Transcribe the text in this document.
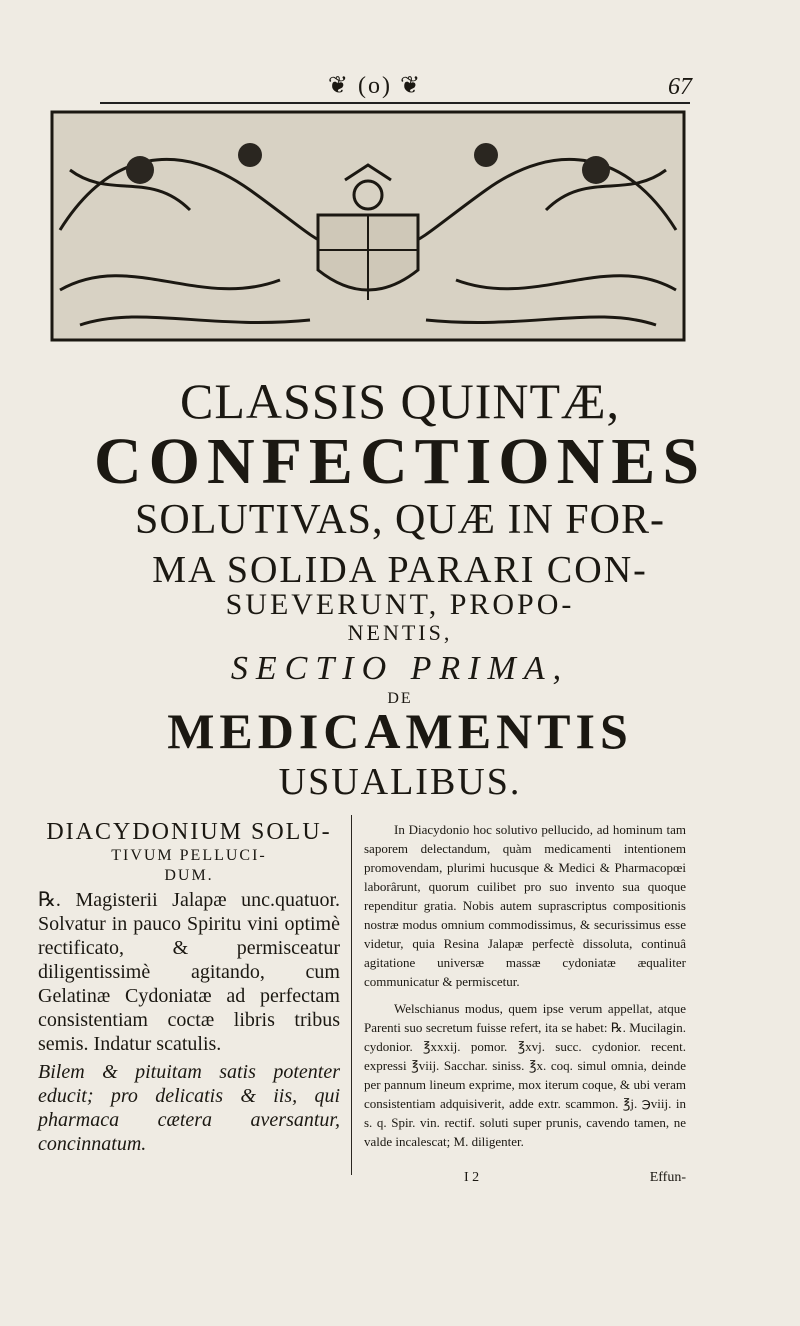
❦ (o) ❦	67
CLASSIS QUINTÆ,
CONFECTIONES
SOLUTIVAS, QUÆ IN FOR-
MA SOLIDA PARARI CON-
SUEVERUNT, PROPO-
NENTIS,
SECTIO PRIMA,
DE
MEDICAMENTIS
USUALIBUS.
DIACYDONIUM SOLU-
TIVUM PELLUCI-
DUM.
℞. Magisterii Jalapæ unc.quatuor. Solvatur in pauco Spiritu vini optimè rectificato, & permisceatur diligentissimè agitando, cum Gelatinæ Cydoniatæ ad perfectam consistentiam coctæ libris tribus semis. Indatur scatulis.
Bilem & pituitam satis potenter educit; pro delicatis & iis, qui pharmaca cætera aversantur, concinnatum.

In Diacydonio hoc solutivo pellucido, ad hominum tam saporem delectandum, quàm medicamenti intentionem promovendam, plurimi hucusque & Medici & Pharmacopœi laborârunt, quorum cuilibet pro suo invento sua quoque rependitur gratia. Nobis autem suprascriptus compositionis nostræ modus omnium commodissimus, & securissimus esse videtur, quia Resina Jalapæ perfectè dissoluta, continuâ agitatione universæ massæ cydoniatæ æqualiter communicatur & permiscetur.

Welschianus modus, quem ipse verum appellat, atque Parenti suo secretum fuisse refert, ita se habet: ℞. Mucilagin. cydonior. ℥xxxij. pomor. ℥xvj. succ. cydonior. recent. expressi ℥viij. Sacchar. siniss. ℥x. coq. simul omnia, deinde per pannum lineum exprime, mox iterum coque, & ubi veram consistentiam adquisiverit, adde extr. scammon. ℥j. ℈viij. in s. q. Spir. vin. rectif. soluti super prunis, cavendo tamen, ne valde incalescat; M. diligenter.

I 2	Effun-
